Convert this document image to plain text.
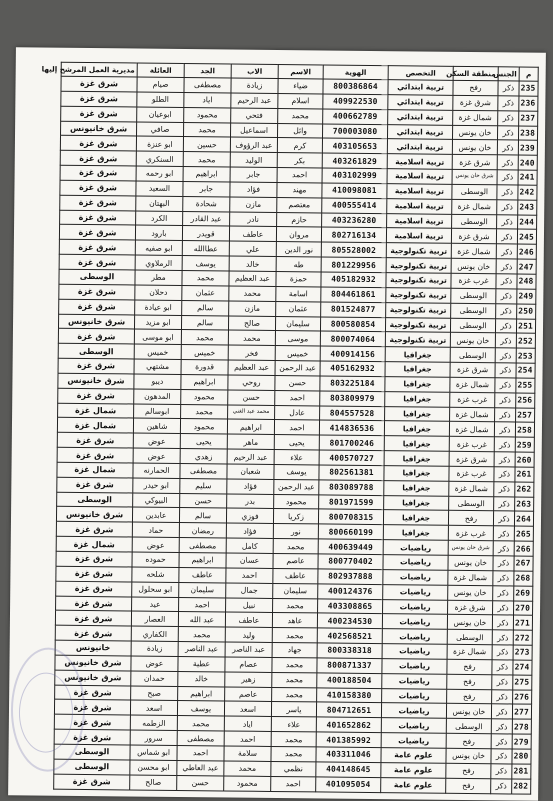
م	الجنس	منطقة السكن	التخصص	الهوية	الاسم	الاب	الجد	العائلة	مديرية العمل المرشح إليها
235	ذكر	رفح	تربية ابتدائي	800386864	ضياء	زيادة	مصطفى	صيام	شرق غزة
236	ذكر	شرق غزة	تربية ابتدائي	409922530	اسلام	عبد الرحيم	اياد	الطلو	شرق غزة
237	ذكر	شمال غزة	تربية ابتدائي	400662789	محمد	فتحي	محمود	ابوعيان	شرق غزة
238	ذكر	خان يونس	تربية ابتدائي	700003080	وائل	اسماعيل	محمد	صافي	شرق خانيونس
239	ذكر	خان يونس	تربية ابتدائي	403105653	كرم	عبد الرؤوف	حسين	ابو عنزة	شرق غزة
240	ذكر	شرق غزة	تربية اسلامية	403261829	بكر	الوليد	محمد	السنكري	شرق غزة
241	ذكر	شرق خان يونس	تربية اسلامية	403102999	احمد	جابر	ابراهيم	ابو رحمه	شرق غزة
242	ذكر	الوسطى	تربية اسلامية	410098081	مهند	فؤاد	جابر	السعيد	شرق غزة
243	ذكر	شمال غزة	تربية اسلامية	400555414	معتصم	مازن	شحادة	البهتان	شرق غزة
244	ذكر	الوسطى	تربية اسلامية	403236280	حازم	نادر	عبد القادر	الكرد	شرق غزة
245	ذكر	شرق غزة	تربية اسلامية	802716134	مروان	عاطف	قويدر	بارود	شرق غزة
246	ذكر	شمال غزة	تربية تكنولوجية	805528002	نور الدين	علي	عطاالله	ابو صفيه	شرق غزة
247	ذكر	خان يونس	تربية تكنولوجية	801229956	طه	خالد	يوسف	الرملاوي	شرق غزة
248	ذكر	غرب غزة	تربية تكنولوجية	405182932	حمزة	عبد العظيم	محمد	مطر	الوسطى
249	ذكر	الوسطى	تربية تكنولوجية	804461861	اسامة	محمد	عثمان	دحلان	شرق غزة
250	ذكر	الوسطى	تربية تكنولوجية	801524877	عثمان	مازن	سالم	ابو عيادة	شرق غزة
251	ذكر	الوسطى	تربية تكنولوجية	800580854	سليمان	صالح	سالم	ابو مزيد	شرق خانيونس
252	ذكر	خان يونس	تربية تكنولوجية	800074064	موسى	محمد	محمد	ابو موسى	شرق غزة
253	ذكر	الوسطى	جغرافيا	400914156	خميس	فخر	خميس	خميس	الوسطى
254	ذكر	شرق غزة	جغرافيا	405162932	عبد الرحمن	عبد العظيم	قدورة	مشتهي	شرق غزة
255	ذكر	شمال غزة	جغرافيا	803225184	حسن	روحي	ابراهيم	ديبو	شرق خانيونس
256	ذكر	غرب غزة	جغرافيا	803809979	احمد	حسن	محمود	المدهون	شرق غزة
257	ذكر	شمال غزة	جغرافيا	804557528	عادل	محمد عبد الغني	محمد	ابوسالم	شمال غزة
258	ذكر	شمال غزة	جغرافيا	414836536	احمد	ابراهيم	محمود	شاهين	شمال غزة
259	ذكر	غرب غزة	جغرافيا	801700246	يحيى	ماهر	يحيى	عوض	شرق غزة
260	ذكر	شرق غزة	جغرافيا	400570727	علاء	عبد الرحيم	زهدي	عوض	شرق غزة
261	ذكر	غرب غزة	جغرافيا	802561381	يوسف	شعبان	مصطفى	الحمارنه	شمال غزة
262	ذكر	شمال غزة	جغرافيا	803089788	عبد الرحمن	فؤاد	سليم	ابو حيدر	شرق غزة
263	ذكر	الوسطى	جغرافيا	801971599	محمود	بدر	حسن	البيوكي	الوسطى
264	ذكر	رفح	جغرافيا	800708315	زكريا	فوزي	سالم	عابدين	شرق خانيونس
265	ذكر	غرب غزة	جغرافيا	800660199	نور	فؤاد	رمضان	حماد	شرق غزة
266	ذكر	شرق خان يونس	رياضيات	400639449	محمد	كامل	مصطفى	عوض	شمال غزة
267	ذكر	خان يونس	رياضيات	800770402	عاصم	عسان	ابراهيم	حموده	شرق غزة
268	ذكر	شمال غزة	رياضيات	802937888	عاطف	احمد	عاطف	شلحه	شرق غزة
269	ذكر	خان يونس	رياضيات	400124376	سليمان	جمال	سليمان	ابو سحلول	شرق غزة
270	ذكر	شرق غزة	رياضيات	403308865	محمد	نبيل	احمد	عيد	شرق غزة
271	ذكر	خان يونس	رياضيات	400234530	عاهد	عاطف	عبد الله	العصار	شرق غزة
272	ذكر	الوسطى	رياضيات	402568521	محمد	وليد	محمد	الكفاري	شرق غزة
273	ذكر	شمال غزة	رياضيات	800338318	جهاد	عبد الناصر	عبد الناصر	زيادة	خانيونس
274	ذكر	رفح	رياضيات	800871337	محمد	عصام	عطية	عوض	شرق خانيونس
275	ذكر	رفح	رياضيات	400188504	محمد	زهير	خالد	حمدان	شرق خانيونس
276	ذكر	رفح	رياضيات	410158380	محمد	عاصم	ابراهيم	صبح	شرق غزة
277	ذكر	خان يونس	رياضيات	804712651	ياسر	اسعد	يوسف	اسعد	شرق غزة
278	ذكر	الوسطى	رياضيات	401652862	علاء	اياد	محمد	الزطمه	شرق غزة
279	ذكر	رفح	رياضيات	401385992	محمد	احمد	مصطفى	سرور	شرق غزة
280	ذكر	خان يونس	علوم عامة	403311046	محمد	سلامة	احمد	ابو شماس	الوسطى
281	ذكر	رفح	علوم عامة	404148645	نظمي	محمد	عبد العاطي	ابو محسن	الوسطى
282	ذكر	رفح	علوم عامة	401095054	احمد	محمود	حسن	صالح	شرق غزة
